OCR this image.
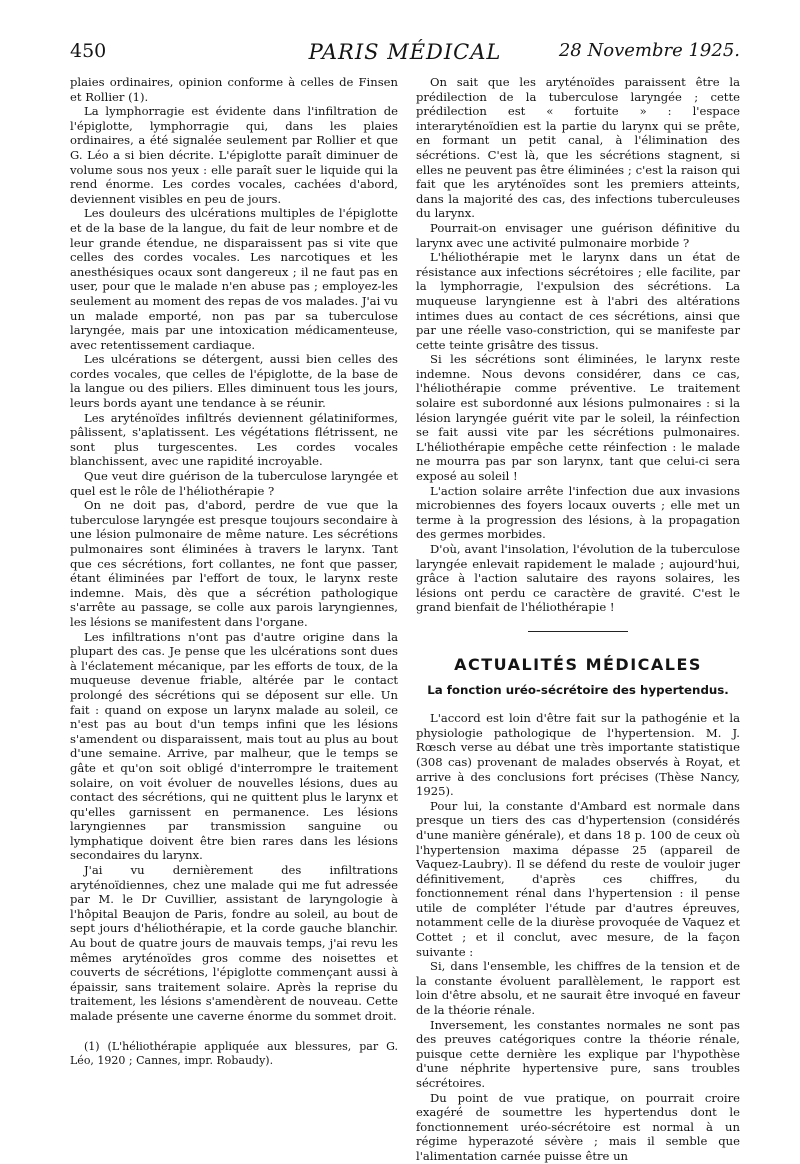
450	PARIS MÉDICAL	28 Novembre 1925.

plaies ordinaires, opinion conforme à celles de Finsen et Rollier (1).

La lymphorragie est évidente dans l'infiltration de l'épiglotte, lymphorragie qui, dans les plaies ordinaires, a été signalée seulement par Rollier et que G. Léo a si bien décrite. L'épiglotte paraît diminuer de volume sous nos yeux : elle paraît suer le liquide qui la rend énorme. Les cordes vocales, cachées d'abord, deviennent visibles en peu de jours.

Les douleurs des ulcérations multiples de l'épiglotte et de la base de la langue, du fait de leur nombre et de leur grande étendue, ne disparaissent pas si vite que celles des cordes vocales. Les narcotiques et les anesthésiques ocaux sont dangereux ; il ne faut pas en user, pour que le malade n'en abuse pas ; employez-les seulement au moment des repas de vos malades. J'ai vu un malade emporté, non pas par sa tuberculose laryngée, mais par une intoxication médicamenteuse, avec retentissement cardiaque.

Les ulcérations se détergent, aussi bien celles des cordes vocales, que celles de l'épiglotte, de la base de la langue ou des piliers. Elles diminuent tous les jours, leurs bords ayant une tendance à se réunir.

Les aryténoïdes infiltrés deviennent gélatiniformes, pâlissent, s'aplatissent. Les végétations flétrissent, ne sont plus turgescentes. Les cordes vocales blanchissent, avec une rapidité incroyable.

Que veut dire guérison de la tuberculose laryngée et quel est le rôle de l'héliothérapie ?

On ne doit pas, d'abord, perdre de vue que la tuberculose laryngée est presque toujours secondaire à une lésion pulmonaire de même nature. Les sécrétions pulmonaires sont éliminées à travers le larynx. Tant que ces sécrétions, fort collantes, ne font que passer, étant éliminées par l'effort de toux, le larynx reste indemne. Mais, dès que a sécrétion pathologique s'arrête au passage, se colle aux parois laryngiennes, les lésions se manifestent dans l'organe.

Les infiltrations n'ont pas d'autre origine dans la plupart des cas. Je pense que les ulcérations sont dues à l'éclatement mécanique, par les efforts de toux, de la muqueuse devenue friable, altérée par le contact prolongé des sécrétions qui se déposent sur elle. Un fait : quand on expose un larynx malade au soleil, ce n'est pas au bout d'un temps infini que les lésions s'amendent ou disparaissent, mais tout au plus au bout d'une semaine. Arrive, par malheur, que le temps se gâte et qu'on soit obligé d'interrompre le traitement solaire, on voit évoluer de nouvelles lésions, dues au contact des sécrétions, qui ne quittent plus le larynx et qu'elles garnissent en permanence. Les lésions laryngiennes par transmission sanguine ou lymphatique doivent être bien rares dans les lésions secondaires du larynx.

J'ai vu dernièrement des infiltrations aryténoïdiennes, chez une malade qui me fut adressée par M. le Dr Cuvillier, assistant de laryngologie à l'hôpital Beaujon de Paris, fondre au soleil, au bout de sept jours d'héliothérapie, et la corde gauche blanchir. Au bout de quatre jours de mauvais temps, j'ai revu les mêmes aryténoïdes gros comme des noisettes et couverts de sécrétions, l'épiglotte commençant aussi à épaissir, sans traitement solaire. Après la reprise du traitement, les lésions s'amendèrent de nouveau. Cette malade présente une caverne énorme du sommet droit.

(1) (L'héliothérapie appliquée aux blessures, par G. Léo, 1920 ; Cannes, impr. Robaudy).

On sait que les aryténoïdes paraissent être la prédilection de la tuberculose laryngée ; cette prédilection est « fortuite » : l'espace interaryténoïdien est la partie du larynx qui se prête, en formant un petit canal, à l'élimination des sécrétions. C'est là, que les sécrétions stagnent, si elles ne peuvent pas être éliminées ; c'est la raison qui fait que les aryténoïdes sont les premiers atteints, dans la majorité des cas, des infections tuberculeuses du larynx.

Pourrait-on envisager une guérison définitive du larynx avec une activité pulmonaire morbide ?

L'héliothérapie met le larynx dans un état de résistance aux infections sécrétoires ; elle facilite, par la lymphorragie, l'expulsion des sécrétions. La muqueuse laryngienne est à l'abri des altérations intimes dues au contact de ces sécrétions, ainsi que par une réelle vaso-constriction, qui se manifeste par cette teinte grisâtre des tissus.

Si les sécrétions sont éliminées, le larynx reste indemne. Nous devons considérer, dans ce cas, l'héliothérapie comme préventive. Le traitement solaire est subordonné aux lésions pulmonaires : si la lésion laryngée guérit vite par le soleil, la réinfection se fait aussi vite par les sécrétions pulmonaires. L'héliothérapie empêche cette réinfection : le malade ne mourra pas par son larynx, tant que celui-ci sera exposé au soleil !

L'action solaire arrête l'infection due aux invasions microbiennes des foyers locaux ouverts ; elle met un terme à la progression des lésions, à la propagation des germes morbides.

D'où, avant l'insolation, l'évolution de la tuberculose laryngée enlevait rapidement le malade ; aujourd'hui, grâce à l'action salutaire des rayons solaires, les lésions ont perdu ce caractère de gravité. C'est le grand bienfait de l'héliothérapie !

ACTUALITÉS MÉDICALES
La fonction uréo-sécrétoire des hypertendus.

L'accord est loin d'être fait sur la pathogénie et la physiologie pathologique de l'hypertension. M. J. Rœsch verse au débat une très importante statistique (308 cas) provenant de malades observés à Royat, et arrive à des conclusions fort précises (Thèse Nancy, 1925).

Pour lui, la constante d'Ambard est normale dans presque un tiers des cas d'hypertension (considérés d'une manière générale), et dans 18 p. 100 de ceux où l'hypertension maxima dépasse 25 (appareil de Vaquez-Laubry). Il se défend du reste de vouloir juger définitivement, d'après ces chiffres, du fonctionnement rénal dans l'hypertension : il pense utile de compléter l'étude par d'autres épreuves, notamment celle de la diurèse provoquée de Vaquez et Cottet ; et il conclut, avec mesure, de la façon suivante :

Si, dans l'ensemble, les chiffres de la tension et de la constante évoluent parallèlement, le rapport est loin d'être absolu, et ne saurait être invoqué en faveur de la théorie rénale.

Inversement, les constantes normales ne sont pas des preuves catégoriques contre la théorie rénale, puisque cette dernière les explique par l'hypothèse d'une néphrite hypertensive pure, sans troubles sécrétoires.

Du point de vue pratique, on pourrait croire exagéré de soumettre les hypertendus dont le fonctionnement uréo-sécrétoire est normal à un régime hyperazoté sévère ; mais il semble que l'alimentation carnée puisse être un
